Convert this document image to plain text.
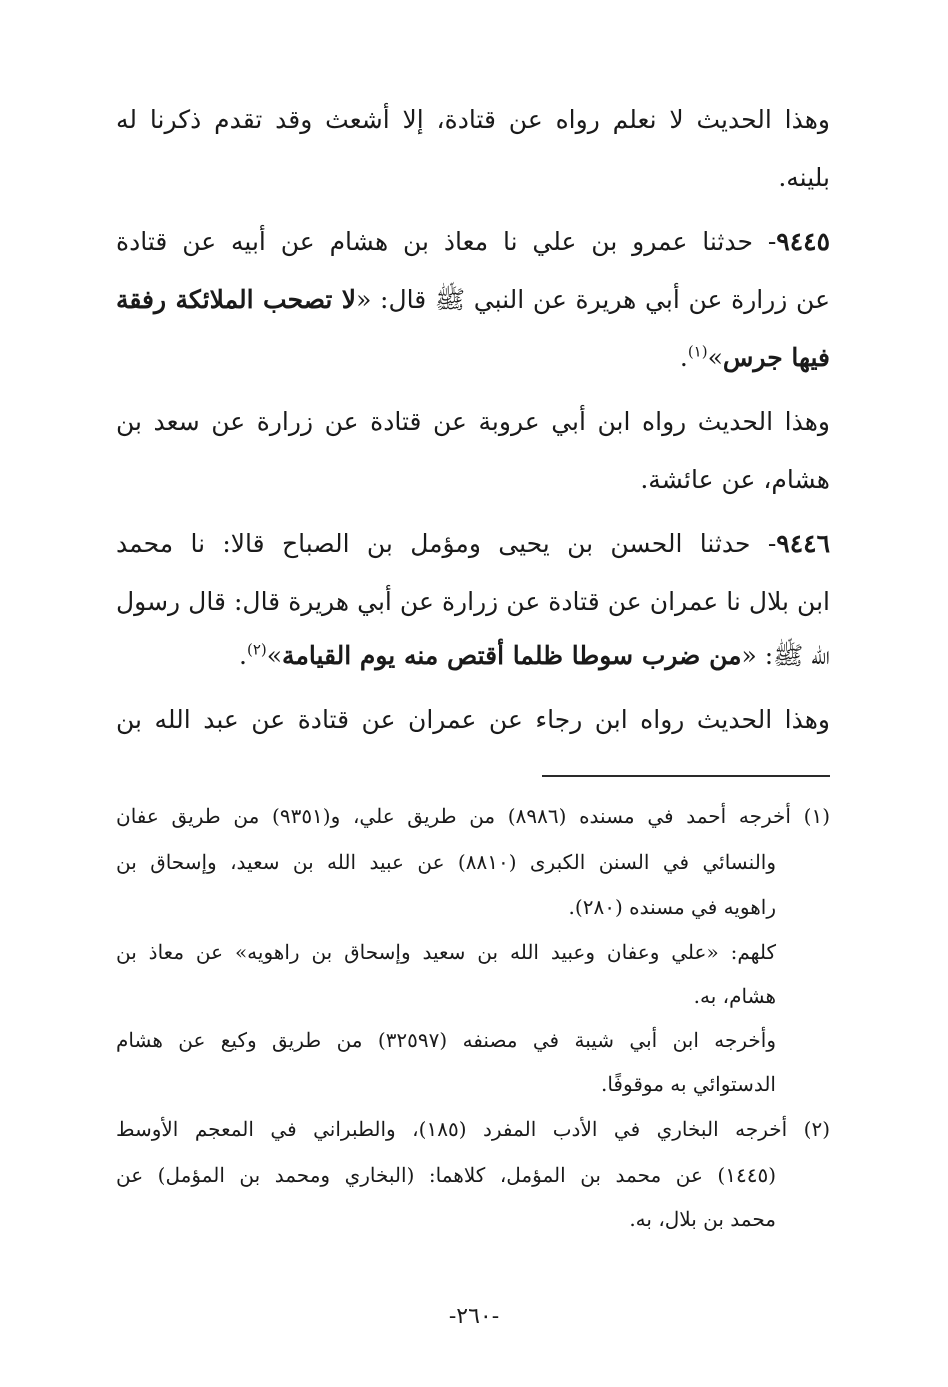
وهذا الحديث لا نعلم رواه عن قتادة، إلا أشعث وقد تقدم ذكرنا له
بلينه.
٩٤٤٥- حدثنا عمرو بن علي نا معاذ بن هشام عن أبيه عن قتادة
عن زرارة عن أبي هريرة عن النبي ﷺ قال: «لا تصحب الملائكة رفقة
فيها جرس»$^{(١)}$.
وهذا الحديث رواه ابن أبي عروبة عن قتادة عن زرارة عن سعد بن
هشام، عن عائشة.
٩٤٤٦- حدثنا الحسن بن يحيى ومؤمل بن الصباح قالا: نا محمد
ابن بلال نا عمران عن قتادة عن زرارة عن أبي هريرة قال: قال رسول
الله ﷺ: «من ضرب سوطا ظلما أقتص منه يوم القيامة»$^{(٢)}$.
وهذا الحديث رواه ابن رجاء عن عمران عن قتادة عن عبد الله بن
(١) أخرجه أحمد في مسنده (٨٩٨٦) من طريق علي، و(٩٣٥١) من طريق عفان
والنسائي في السنن الكبرى (٨٨١٠) عن عبيد الله بن سعيد، وإسحاق بن
راهويه في مسنده (٢٨٠).
كلهم: «علي وعفان وعبيد الله بن سعيد وإسحاق بن راهويه» عن معاذ بن
هشام، به.
وأخرجه ابن أبي شيبة في مصنفه (٣٢٥٩٧) من طريق وكيع عن هشام
الدستوائي به موقوفًا.
(٢) أخرجه البخاري في الأدب المفرد (١٨٥)، والطبراني في المعجم الأوسط
(١٤٤٥) عن محمد بن المؤمل، كلاهما: (البخاري ومحمد بن المؤمل) عن
محمد بن بلال، به.
-٢٦٠-
